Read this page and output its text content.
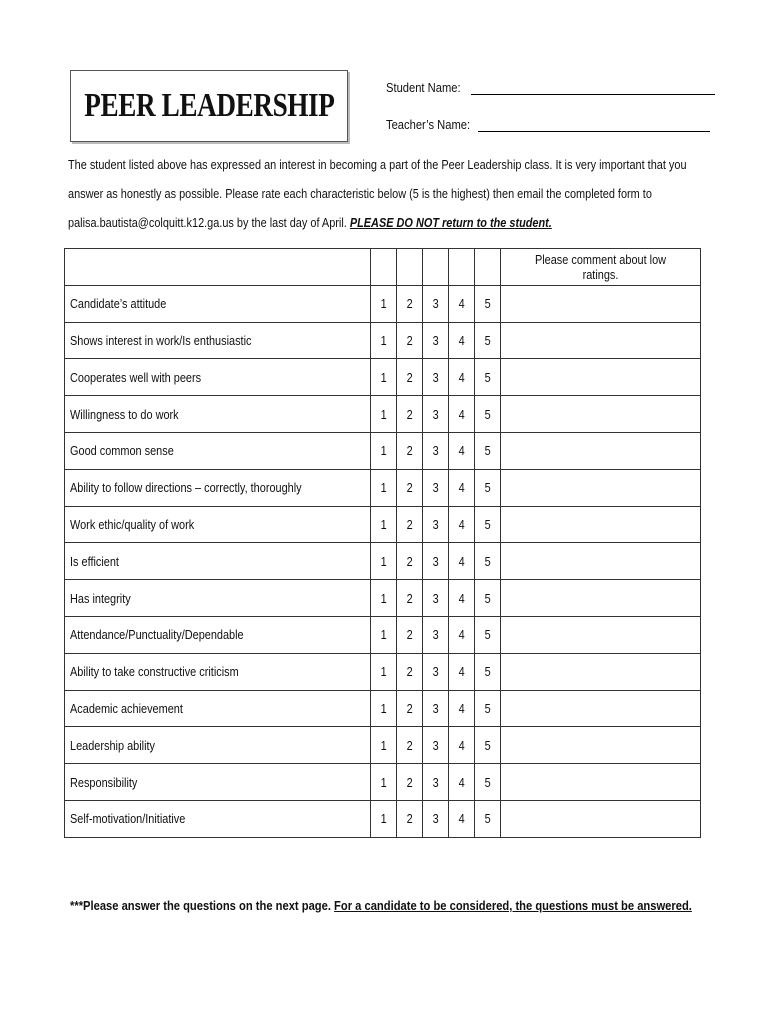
PEER LEADERSHIP	Student Name:
Teacher’s Name:
The student listed above has expressed an interest in becoming a part of the Peer Leadership class. It is very important that you
answer as honestly as possible. Please rate each characteristic below (5 is the highest) then email the completed form to
palisa.bautista@colquitt.k12.ga.us by the last day of April. PLEASE DO NOT return to the student.
						Please comment about low ratings.
Candidate’s attitude	1	2	3	4	5	
Shows interest in work/Is enthusiastic	1	2	3	4	5	
Cooperates well with peers	1	2	3	4	5	
Willingness to do work	1	2	3	4	5	
Good common sense	1	2	3	4	5	
Ability to follow directions – correctly, thoroughly	1	2	3	4	5	
Work ethic/quality of work	1	2	3	4	5	
Is efficient	1	2	3	4	5	
Has integrity	1	2	3	4	5	
Attendance/Punctuality/Dependable	1	2	3	4	5	
Ability to take constructive criticism	1	2	3	4	5	
Academic achievement	1	2	3	4	5	
Leadership ability	1	2	3	4	5	
Responsibility	1	2	3	4	5	
Self-motivation/Initiative	1	2	3	4	5	
***Please answer the questions on the next page. For a candidate to be considered, the questions must be answered.
